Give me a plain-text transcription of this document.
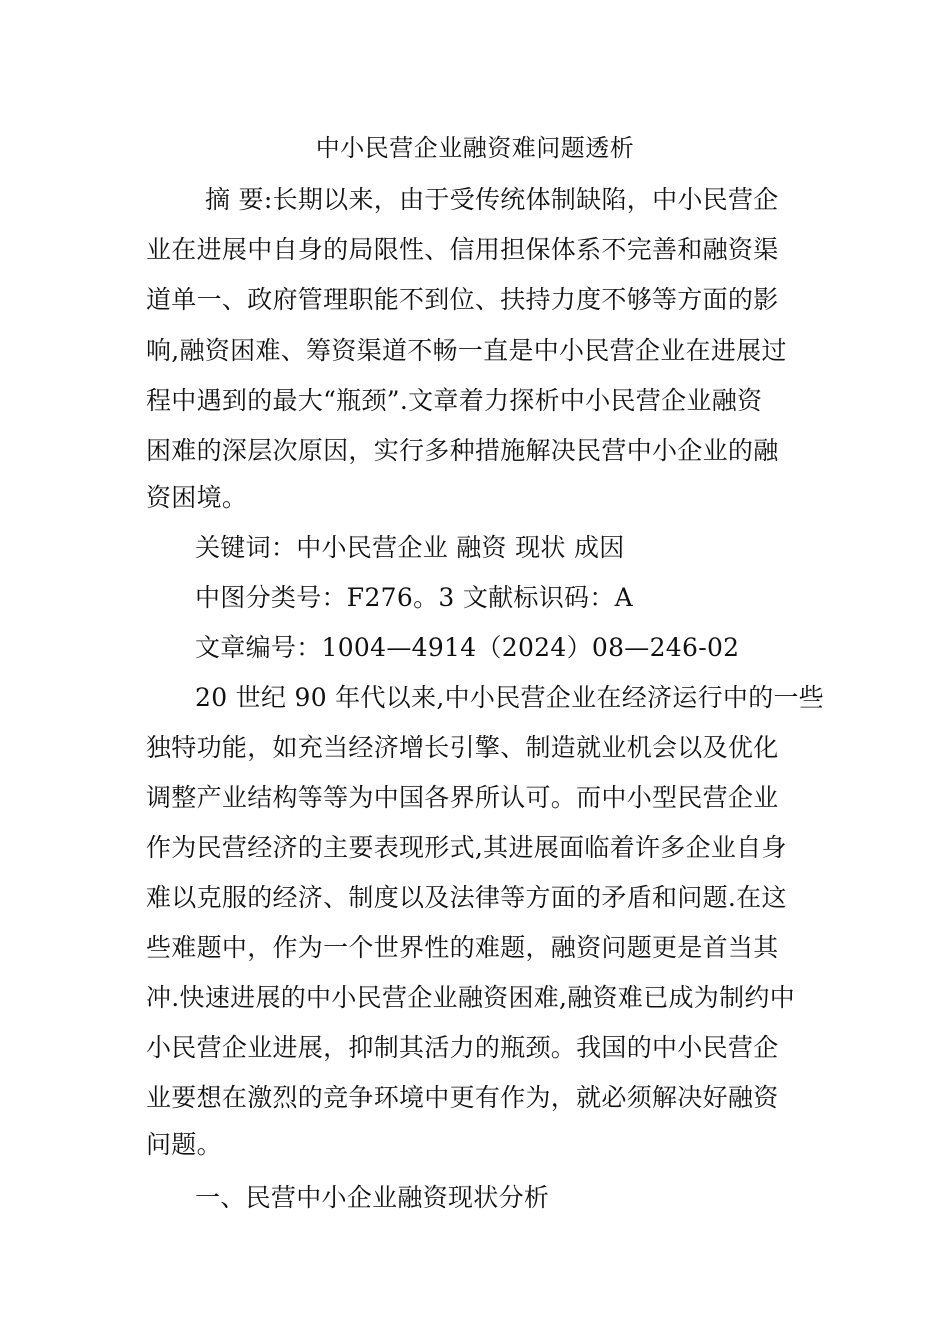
中小民营企业融资难问题透析
摘 要:长期以来，由于受传统体制缺陷，中小民营企
业在进展中自身的局限性、信用担保体系不完善和融资渠
道单一、政府管理职能不到位、扶持力度不够等方面的影
响,融资困难、筹资渠道不畅一直是中小民营企业在进展过
程中遇到的最大“瓶颈”.文章着力探析中小民营企业融资
困难的深层次原因，实行多种措施解决民营中小企业的融
资困境。
关键词：中小民营企业 融资 现状 成因
中图分类号：F276。3 文献标识码：A
文章编号：1004—4914（2024）08—246-02
20 世纪 90 年代以来,中小民营企业在经济运行中的一些
独特功能，如充当经济增长引擎、制造就业机会以及优化
调整产业结构等等为中国各界所认可。而中小型民营企业
作为民营经济的主要表现形式,其进展面临着许多企业自身
难以克服的经济、制度以及法律等方面的矛盾和问题.在这
些难题中，作为一个世界性的难题，融资问题更是首当其
冲.快速进展的中小民营企业融资困难,融资难已成为制约中
小民营企业进展，抑制其活力的瓶颈。我国的中小民营企
业要想在激烈的竞争环境中更有作为，就必须解决好融资
问题。
一、民营中小企业融资现状分析
